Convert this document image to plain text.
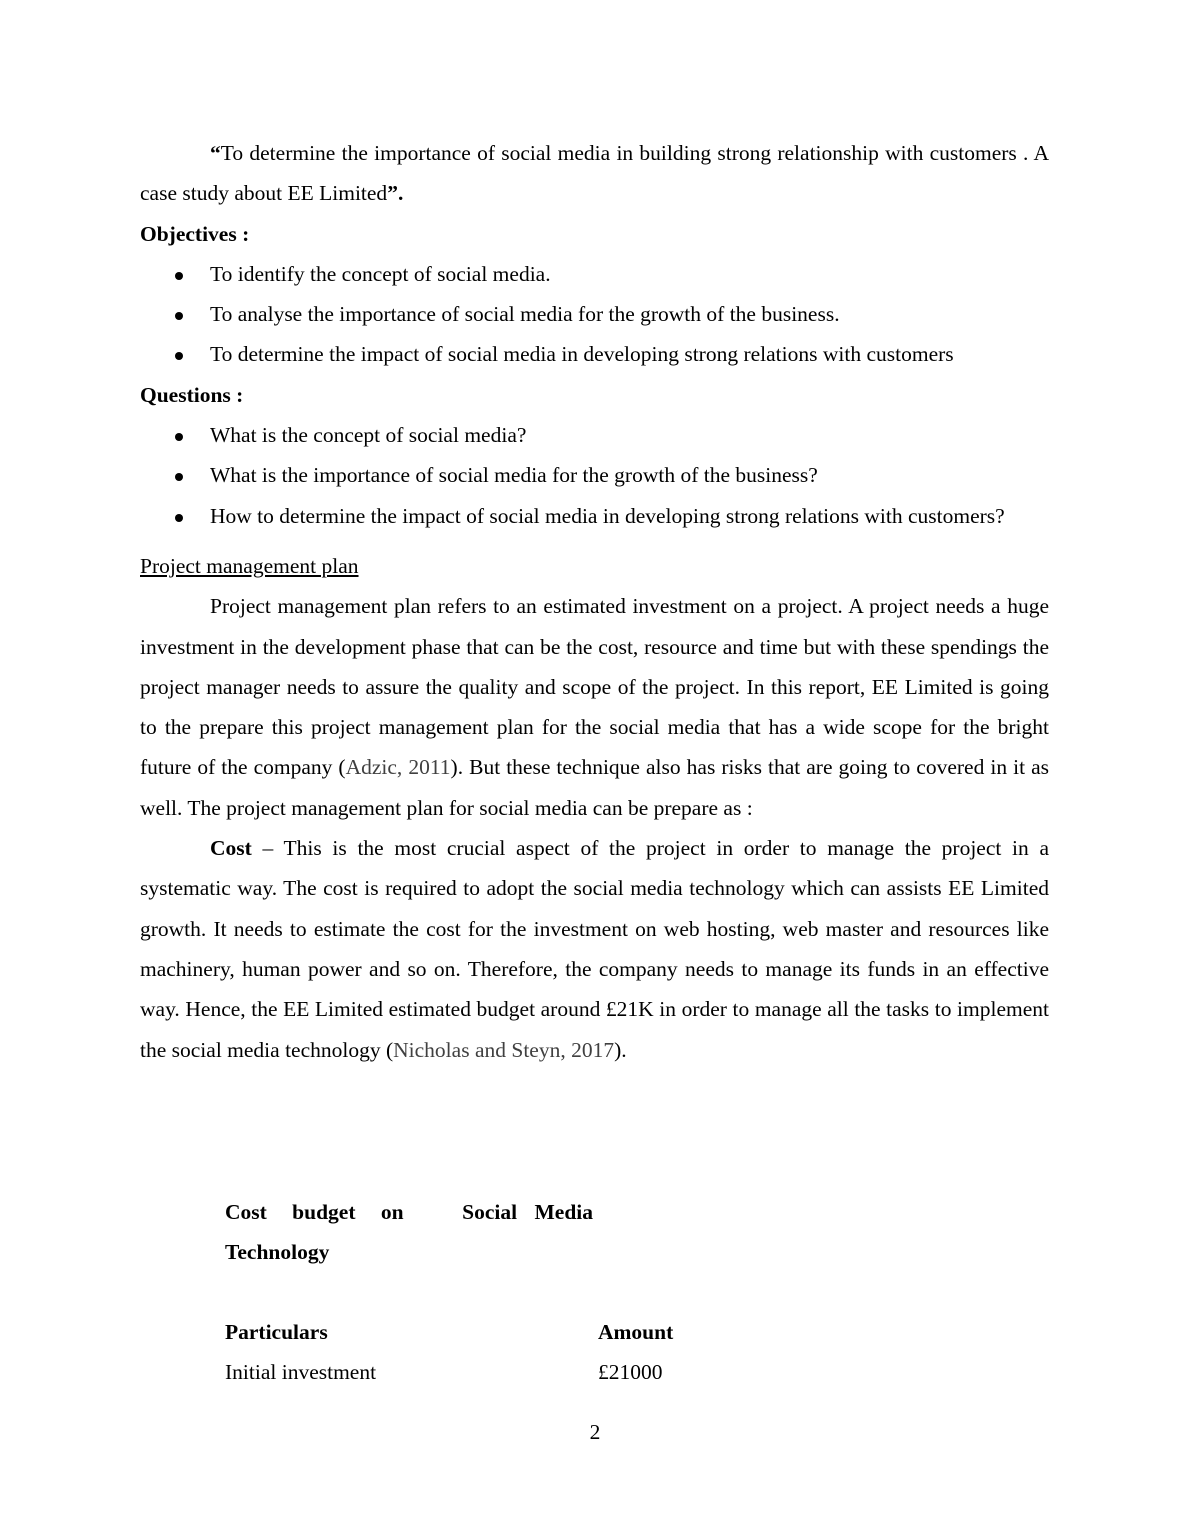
“To determine the importance of social media in building strong relationship with customers . A case study about EE Limited”.

Objectives :

To identify the concept of social media.
To analyse the importance of social media for the growth of the business.
To determine the impact of social media in developing strong relations with customers

Questions :

What is the concept of social media?
What is the importance of social media for the growth of the business?
How to determine the impact of social media in developing strong relations with customers?

Project management plan

Project management plan refers to an estimated investment on a project. A project needs a huge investment in the development phase that can be the cost, resource and time but with these spendings the project manager needs to assure the quality and scope of the project. In this report, EE Limited is going to the prepare this project management plan for the social media that has a wide scope for the bright future of the company (Adzic, 2011). But these technique also has risks that are going to covered in it as well. The project management plan for social media can be prepare as :

Cost – This is the most crucial aspect of the project in order to manage the project in a systematic way. The cost is required to adopt the social media technology which can assists EE Limited growth. It needs to estimate the cost for the investment on web hosting, web master and resources like machinery, human power and so on. Therefore, the company needs to manage its funds in an effective way. Hence, the EE Limited estimated budget around £21K in order to manage all the tasks to implement the social media technology (Nicholas and Steyn, 2017).

Cost budget on	Social Media
Technology
Particulars	Amount
Initial investment	£21000
2
